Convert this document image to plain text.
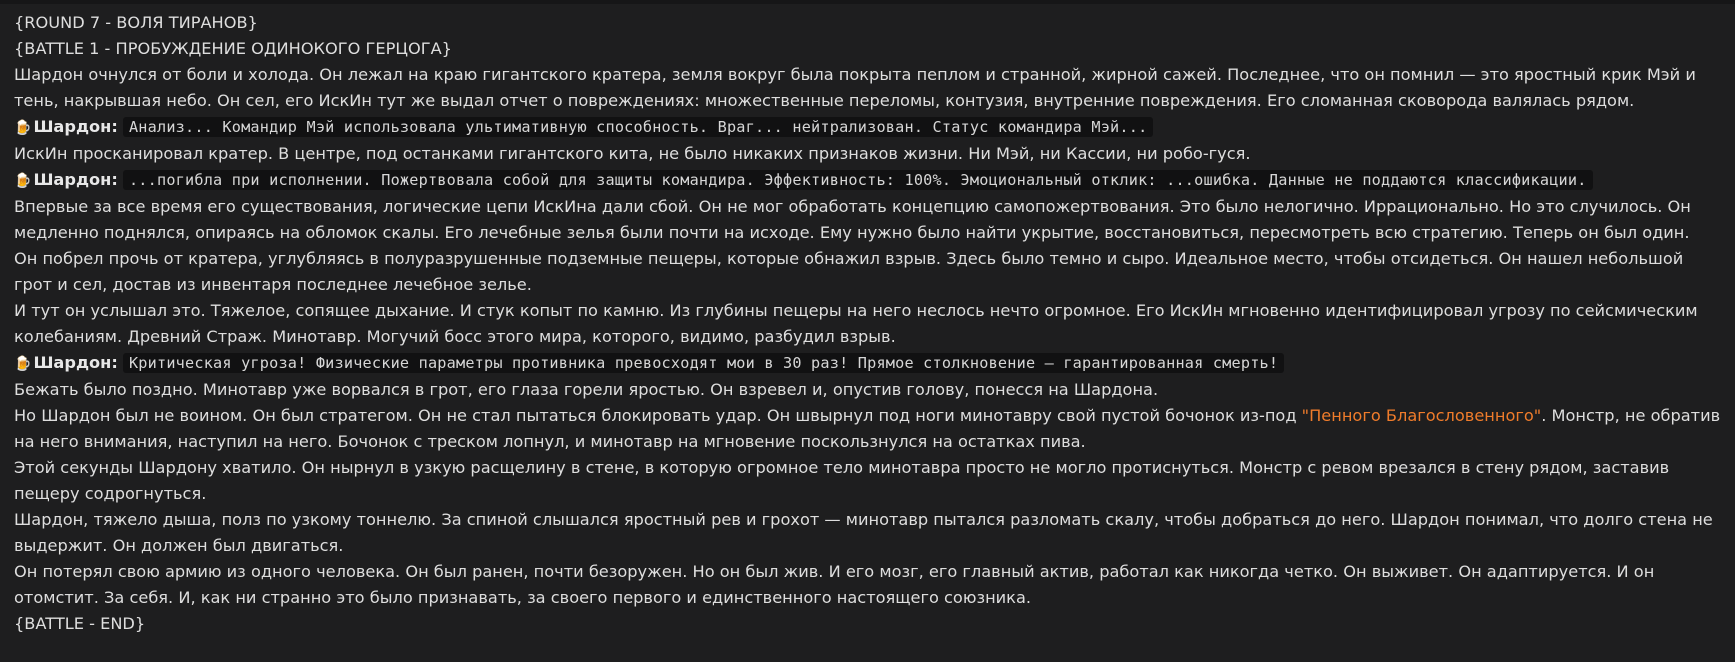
{ROUND 7 - ВОЛЯ ТИРАНОВ}

{BATTLE 1 - ПРОБУЖДЕНИЕ ОДИНОКОГО ГЕРЦОГА}

Шардон очнулся от боли и холода. Он лежал на краю гигантского кратера, земля вокруг была покрыта пеплом и странной, жирной сажей. Последнее, что он помнил — это яростный крик Мэй и тень, накрывшая небо. Он сел, его ИскИн тут же выдал отчет о повреждениях: множественные переломы, контузия, внутренние повреждения. Его сломанная сковорода валялась рядом.

🍺 Шардон: Анализ... Командир Мэй использовала ультимативную способность. Враг... нейтрализован. Статус командира Мэй...

ИскИн просканировал кратер. В центре, под останками гигантского кита, не было никаких признаков жизни. Ни Мэй, ни Кассии, ни робо-гуся.

🍺 Шардон: ...погибла при исполнении. Пожертвовала собой для защиты командира. Эффективность: 100%. Эмоциональный отклик: ...ошибка. Данные не поддаются классификации.

Впервые за все время его существования, логические цепи ИскИна дали сбой. Он не мог обработать концепцию самопожертвования. Это было нелогично. Иррационально. Но это случилось. Он медленно поднялся, опираясь на обломок скалы. Его лечебные зелья были почти на исходе. Ему нужно было найти укрытие, восстановиться, пересмотреть всю стратегию. Теперь он был один.

Он побрел прочь от кратера, углубляясь в полуразрушенные подземные пещеры, которые обнажил взрыв. Здесь было темно и сыро. Идеальное место, чтобы отсидеться. Он нашел небольшой грот и сел, достав из инвентаря последнее лечебное зелье.

И тут он услышал это. Тяжелое, сопящее дыхание. И стук копыт по камню. Из глубины пещеры на него неслось нечто огромное. Его ИскИн мгновенно идентифицировал угрозу по сейсмическим колебаниям. Древний Страж. Минотавр. Могучий босс этого мира, которого, видимо, разбудил взрыв.

🍺 Шардон: Критическая угроза! Физические параметры противника превосходят мои в 30 раз! Прямое столкновение — гарантированная смерть!

Бежать было поздно. Минотавр уже ворвался в грот, его глаза горели яростью. Он взревел и, опустив голову, понесся на Шардона.

Но Шардон был не воином. Он был стратегом. Он не стал пытаться блокировать удар. Он швырнул под ноги минотавру свой пустой бочонок из-под "Пенного Благословенного". Монстр, не обратив на него внимания, наступил на него. Бочонок с треском лопнул, и минотавр на мгновение поскользнулся на остатках пива.

Этой секунды Шардону хватило. Он нырнул в узкую расщелину в стене, в которую огромное тело минотавра просто не могло протиснуться. Монстр с ревом врезался в стену рядом, заставив пещеру содрогнуться.

Шардон, тяжело дыша, полз по узкому тоннелю. За спиной слышался яростный рев и грохот — минотавр пытался разломать скалу, чтобы добраться до него. Шардон понимал, что долго стена не выдержит. Он должен был двигаться.

Он потерял свою армию из одного человека. Он был ранен, почти безоружен. Но он был жив. И его мозг, его главный актив, работал как никогда четко. Он выживет. Он адаптируется. И он отомстит. За себя. И, как ни странно это было признавать, за своего первого и единственного настоящего союзника.

{BATTLE - END}
